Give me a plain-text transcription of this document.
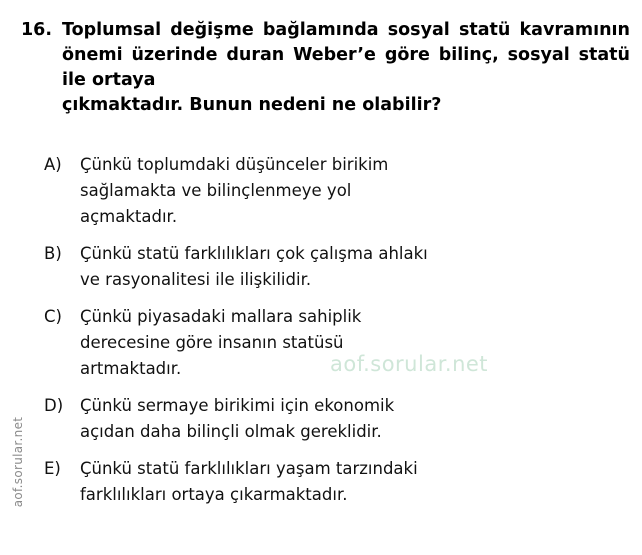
aof.sorular.net
16. Toplumsal değişme bağlamında sosyal statü kavramının önemi üzerinde duran Weber’e göre bilinç, sosyal statü ile ortaya
çıkmaktadır. Bunun nedeni ne olabilir?
A)	Çünkü toplumdaki düşünceler birikim
sağlamakta ve bilinçlenmeye yol
açmaktadır.
B)	Çünkü statü farklılıkları çok çalışma ahlakı
ve rasyonalitesi ile ilişkilidir.
C)	Çünkü piyasadaki mallara sahiplik
derecesine göre insanın statüsü
artmaktadır.
D)	Çünkü sermaye birikimi için ekonomik
açıdan daha bilinçli olmak gereklidir.
E)	Çünkü statü farklılıkları yaşam tarzındaki
farklılıkları ortaya çıkarmaktadır.
aof.sorular.net
